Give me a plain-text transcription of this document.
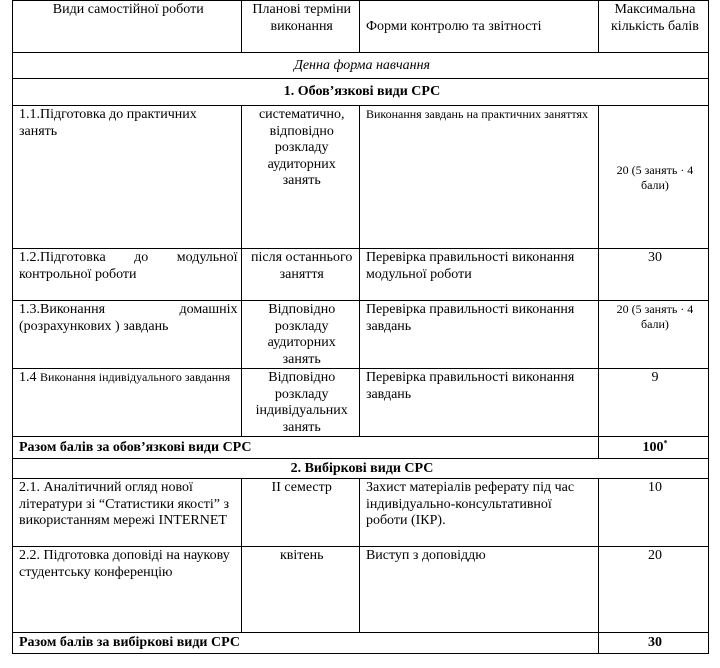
Види самостійної роботи	Планові терміни виконання	Форми контролю та звітності	Максимальна кількість балів
Денна форма навчання			
1. Обов’язкові види СРС			
1.1.Підготовка до практичних занять	систематично, відповідно розкладу аудиторних занять	Виконання завдань на практичних заняттях	20 (5 занять · 4 бали)
1.2.Підготовка до модульної контрольної роботи	після останнього заняття	Перевірка правильності виконання модульної роботи	30
1.3.Виконання домашніх (розрахункових ) завдань	Відповідно розкладу аудиторних занять	Перевірка правильності виконання завдань	20 (5 занять · 4 бали)
1.4 Виконання індивідуального завдання	Відповідно розкладу індивідуальних занять	Перевірка правильності виконання завдань	9
Разом балів за обов’язкові види СРС			100*
2. Вибіркові види СРС			
2.1. Аналітичний огляд нової літератури зі “Статистики якості” з використанням мережі INTERNET	ІІ семестр	Захист матеріалів реферату під час індивідуально-консультативної роботи (ІКР).	10
2.2. Підготовка доповіді на наукову студентську конференцію	квітень	Виступ з доповіддю	20
Разом балів за вибіркові види СРС			30
